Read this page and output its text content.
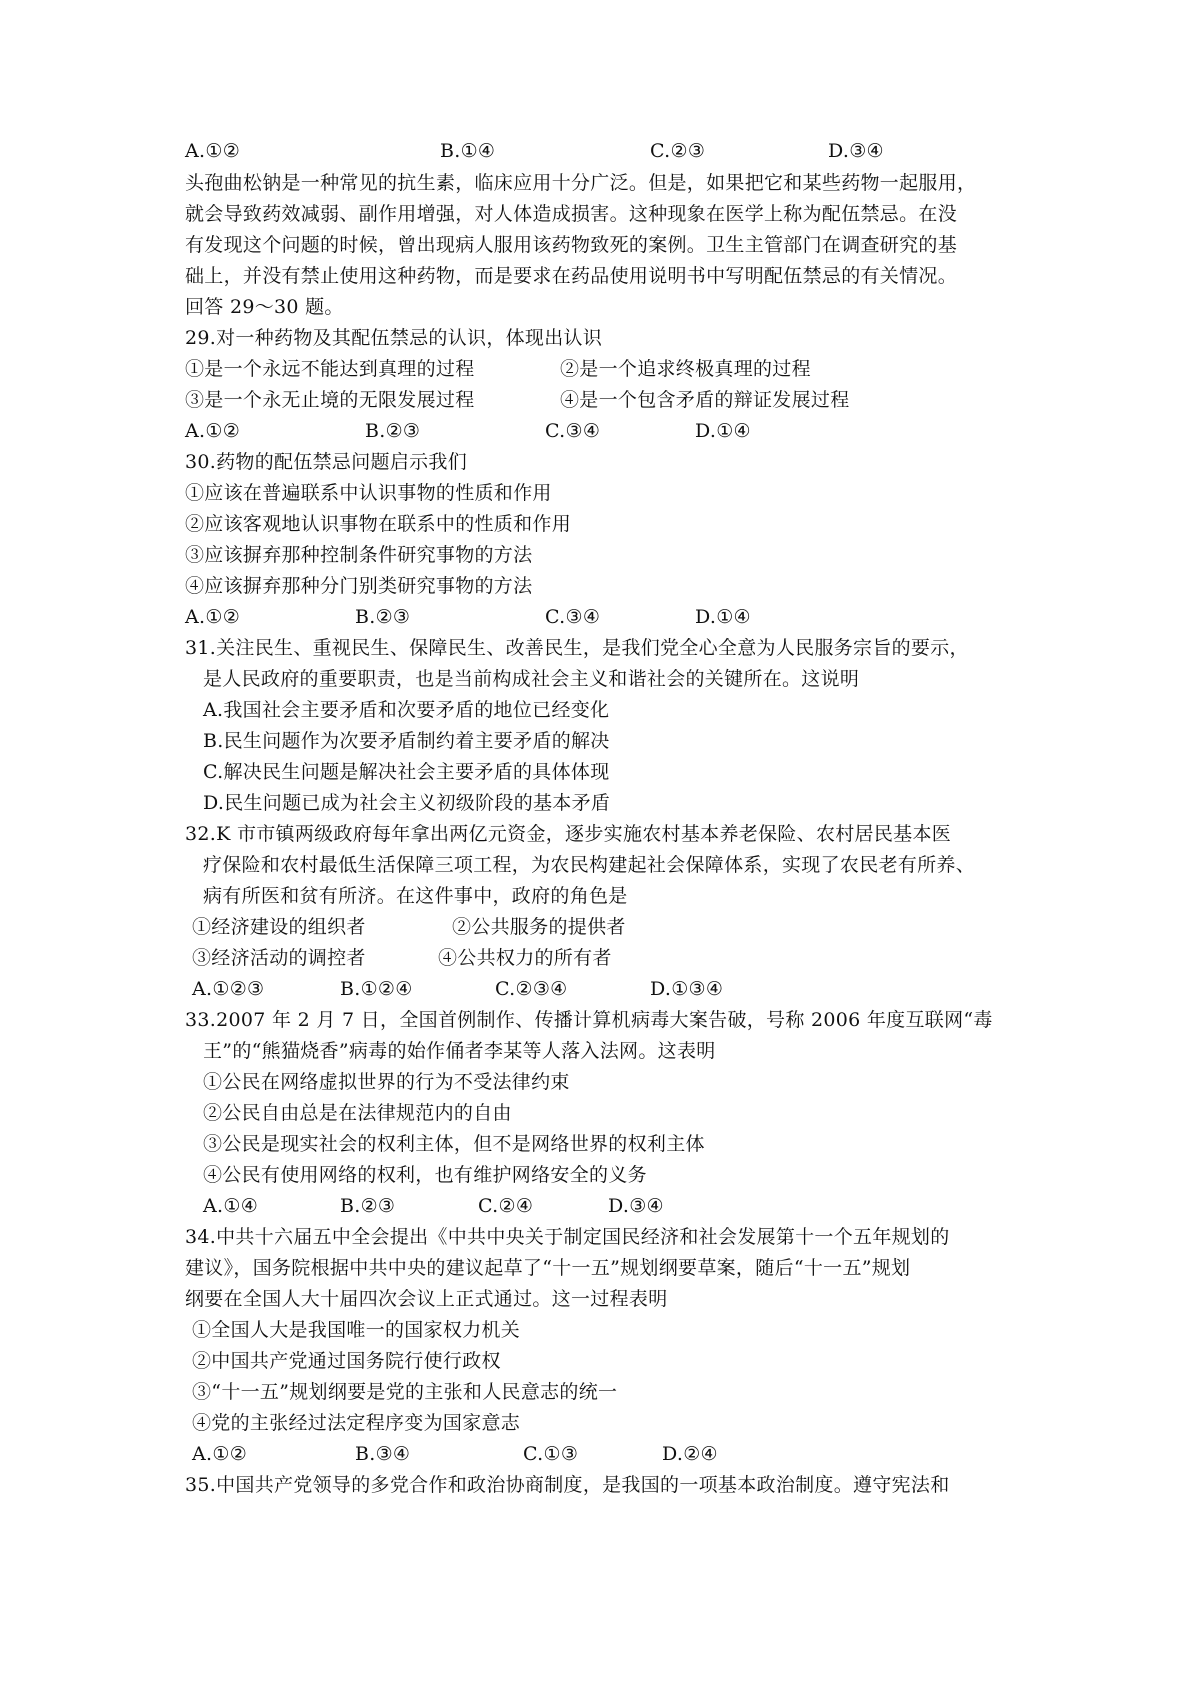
A.①②	B.①④	C.②③	D.③④
头孢曲松钠是一种常见的抗生素，临床应用十分广泛。但是，如果把它和某些药物一起服用，
就会导致药效减弱、副作用增强，对人体造成损害。这种现象在医学上称为配伍禁忌。在没
有发现这个问题的时候，曾出现病人服用该药物致死的案例。卫生主管部门在调查研究的基
础上，并没有禁止使用这种药物，而是要求在药品使用说明书中写明配伍禁忌的有关情况。
回答 29～30 题。
29.对一种药物及其配伍禁忌的认识，体现出认识
①是一个永远不能达到真理的过程	②是一个追求终极真理的过程
③是一个永无止境的无限发展过程	④是一个包含矛盾的辩证发展过程
A.①②	B.②③	C.③④	D.①④
30.药物的配伍禁忌问题启示我们
①应该在普遍联系中认识事物的性质和作用
②应该客观地认识事物在联系中的性质和作用
③应该摒弃那种控制条件研究事物的方法
④应该摒弃那种分门别类研究事物的方法
A.①②	B.②③	C.③④	D.①④
31.关注民生、重视民生、保障民生、改善民生，是我们党全心全意为人民服务宗旨的要示，
是人民政府的重要职责，也是当前构成社会主义和谐社会的关键所在。这说明
A.我国社会主要矛盾和次要矛盾的地位已经变化
B.民生问题作为次要矛盾制约着主要矛盾的解决
C.解决民生问题是解决社会主要矛盾的具体体现
D.民生问题已成为社会主义初级阶段的基本矛盾
32.K 市市镇两级政府每年拿出两亿元资金，逐步实施农村基本养老保险、农村居民基本医
疗保险和农村最低生活保障三项工程，为农民构建起社会保障体系，实现了农民老有所养、
病有所医和贫有所济。在这件事中，政府的角色是
①经济建设的组织者	②公共服务的提供者
③经济活动的调控者	④公共权力的所有者
A.①②③	B.①②④	C.②③④	D.①③④
33.2007 年 2 月 7 日，全国首例制作、传播计算机病毒大案告破，号称 2006 年度互联网“毒
王”的“熊猫烧香”病毒的始作俑者李某等人落入法网。这表明
①公民在网络虚拟世界的行为不受法律约束
②公民自由总是在法律规范内的自由
③公民是现实社会的权利主体，但不是网络世界的权利主体
④公民有使用网络的权利，也有维护网络安全的义务
A.①④	B.②③	C.②④	D.③④
34.中共十六届五中全会提出《中共中央关于制定国民经济和社会发展第十一个五年规划的
建议》，国务院根据中共中央的建议起草了“十一五”规划纲要草案，随后“十一五”规划
纲要在全国人大十届四次会议上正式通过。这一过程表明
①全国人大是我国唯一的国家权力机关
②中国共产党通过国务院行使行政权
③“十一五”规划纲要是党的主张和人民意志的统一
④党的主张经过法定程序变为国家意志
A.①②	B.③④	C.①③	D.②④
35.中国共产党领导的多党合作和政治协商制度，是我国的一项基本政治制度。遵守宪法和
